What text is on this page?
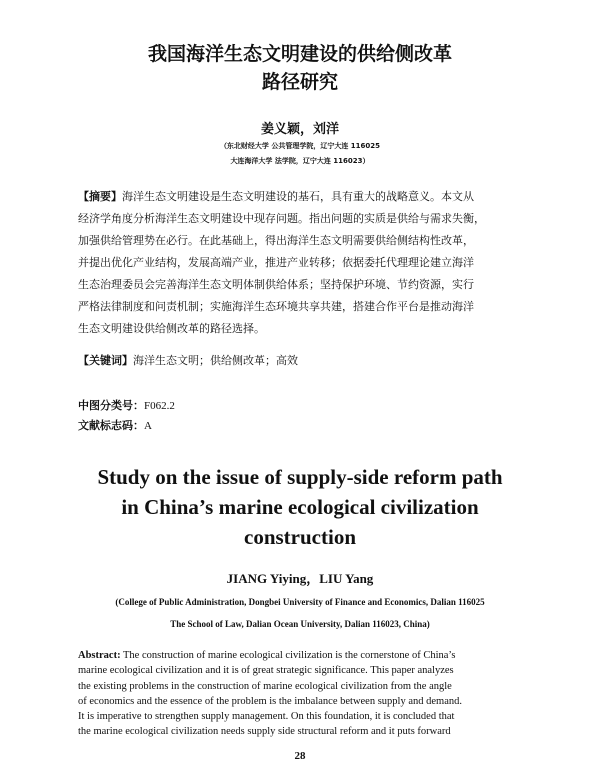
我国海洋生态文明建设的供给侧改革
路径研究
姜义颖，刘洋
（东北财经大学 公共管理学院，辽宁大连 116025
大连海洋大学 法学院，辽宁大连 116023）
【摘要】海洋生态文明建设是生态文明建设的基石，具有重大的战略意义。本文从
经济学角度分析海洋生态文明建设中现存问题。指出问题的实质是供给与需求失衡，
加强供给管理势在必行。在此基础上，得出海洋生态文明需要供给侧结构性改革，
并提出优化产业结构，发展高端产业，推进产业转移；依据委托代理理论建立海洋
生态治理委员会完善海洋生态文明体制供给体系；坚持保护环境、节约资源，实行
严格法律制度和问责机制；实施海洋生态环境共享共建，搭建合作平台是推动海洋
生态文明建设供给侧改革的路径选择。
【关键词】海洋生态文明；供给侧改革；高效
中图分类号：F062.2
文献标志码：A
Study on the issue of supply-side reform path
in China’s marine ecological civilization
construction
JIANG Yiying，LIU Yang
(College of Public Administration, Dongbei University of Finance and Economics, Dalian 116025
The School of Law, Dalian Ocean University, Dalian 116023, China)
Abstract: The construction of marine ecological civilization is the cornerstone of China’s
marine ecological civilization and it is of great strategic significance. This paper analyzes
the existing problems in the construction of marine ecological civilization from the angle
of economics and the essence of the problem is the imbalance between supply and demand.
It is imperative to strengthen supply management. On this foundation, it is concluded that
the marine ecological civilization needs supply side structural reform and it puts forward
28
